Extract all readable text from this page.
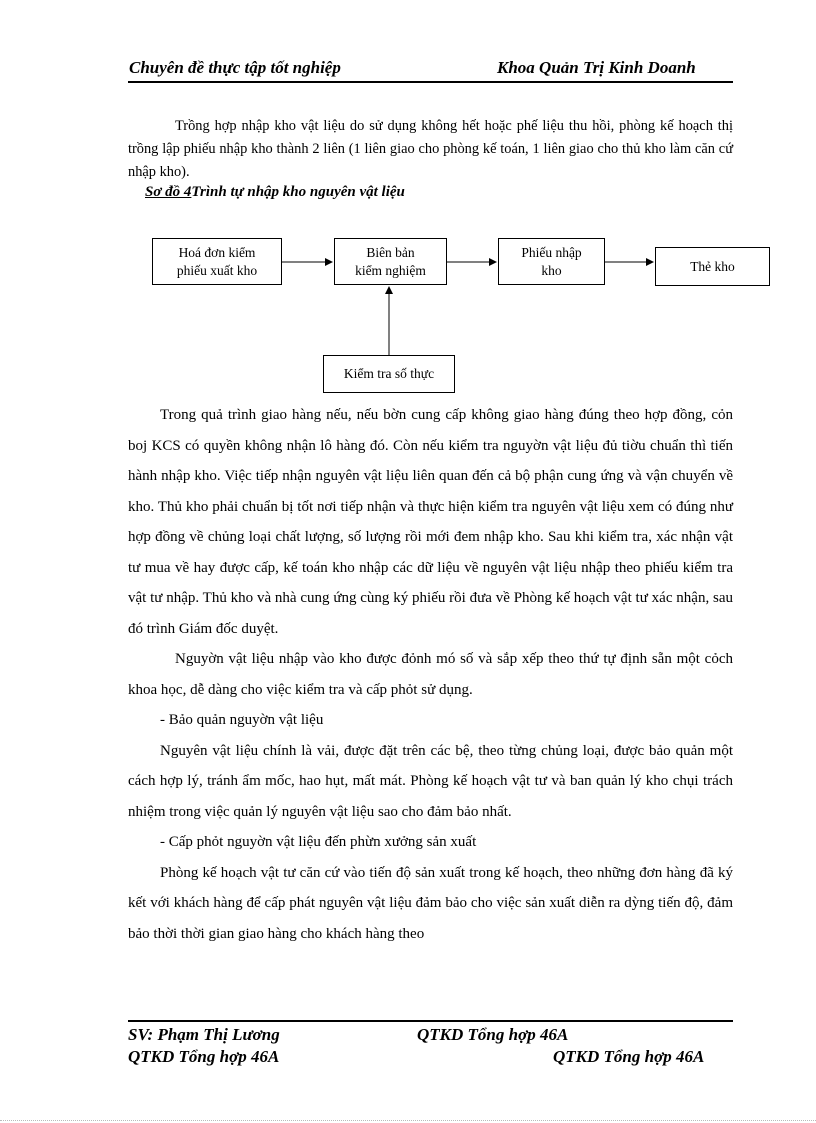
Chuyên đề thực tập tốt nghiệp	Khoa Quản Trị Kinh Doanh

Trồng hợp nhập kho vật liệu do sử dụng không hết hoặc phế liệu thu hồi, phòng kế hoạch thị trồng lập phiếu nhập kho thành 2 liên (1 liên giao cho phòng kế toán, 1 liên giao cho thủ kho làm căn cứ nhập kho).

Sơ đồ 4Trình tự nhập kho nguyên vật liệu
Hoá đơn kiểm
phiếu xuất kho
Biên bản
kiểm nghiệm
Phiếu nhập
kho	Thẻ kho
Kiểm tra số thực

Trong quả trình giao hàng nếu, nếu bờn cung cấp không giao hàng đúng theo hợp đồng, cỏn boj KCS có quyền không nhận lô hàng đó. Còn nếu kiểm tra nguyờn vật liệu đủ tiờu chuẩn thì tiến hành nhập kho. Việc tiếp nhận nguyên vật liệu liên quan đến cả bộ phận cung ứng và vận chuyển về kho. Thủ kho phải chuẩn bị tốt nơi tiếp nhận và thực hiện kiểm tra nguyên vật liệu xem có đúng như hợp đồng về chủng loại chất lượng, số lượng rồi mới đem nhập kho. Sau khi kiểm tra, xác nhận vật tư mua về hay được cấp, kế toán kho nhập các dữ liệu về nguyên vật liệu nhập theo phiếu kiểm tra vật tư nhập. Thủ kho và nhà cung ứng cùng ký phiếu rồi đưa về Phòng kế hoạch vật tư xác nhận, sau đó trình Giám đốc duyệt.

Nguyờn vật liệu nhập vào kho được đỏnh mó số và sắp xếp theo thứ tự định sẵn một cỏch khoa học, dễ dàng cho việc kiểm tra và cấp phỏt sử dụng.

- Bảo quản nguyờn vật liệu

Nguyên vật liệu chính là vải, được đặt trên các bệ, theo từng chủng loại, được bảo quản một cách hợp lý, tránh ẩm mốc, hao hụt, mất mát. Phòng kế hoạch vật tư và ban quản lý kho chụi trách nhiệm trong việc quản lý nguyên vật liệu sao cho đảm bảo nhất.

- Cấp phỏt nguyờn vật liệu đến phừn xưởng sản xuất

Phòng kế hoạch vật tư căn cứ vào tiến độ sản xuất trong kế hoạch, theo những đơn hàng đã ký kết với khách hàng để cấp phát nguyên vật liệu đảm bảo cho việc sản xuất diễn ra dỳng tiến độ, đảm bảo thời thời gian giao hàng cho khách hàng theo

SV: Phạm Thị Lương	QTKD Tổng hợp 46A
QTKD Tổng hợp 46A	QTKD Tổng hợp 46A
